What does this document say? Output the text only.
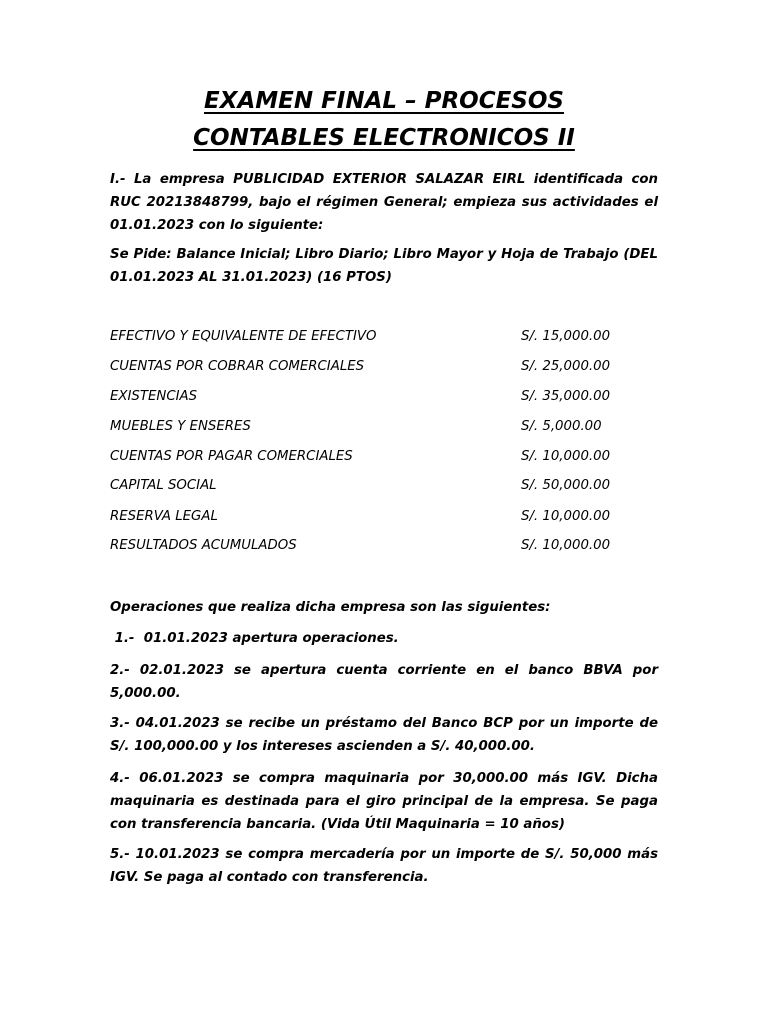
EXAMEN FINAL – PROCESOS
CONTABLES ELECTRONICOS II

I.- La empresa PUBLICIDAD EXTERIOR SALAZAR EIRL identificada con RUC 20213848799, bajo el régimen General; empieza sus actividades el 01.01.2023 con lo siguiente:

Se Pide: Balance Inicial; Libro Diario; Libro Mayor y Hoja de Trabajo (DEL 01.01.2023 AL 31.01.2023) (16 PTOS)

EFECTIVO Y EQUIVALENTE DE EFECTIVO	S/. 15,000.00
CUENTAS POR COBRAR COMERCIALES	S/. 25,000.00
EXISTENCIAS	S/. 35,000.00
MUEBLES Y ENSERES	S/. 5,000.00
CUENTAS POR PAGAR COMERCIALES	S/. 10,000.00
CAPITAL SOCIAL	S/. 50,000.00
RESERVA LEGAL	S/. 10,000.00
RESULTADOS ACUMULADOS	S/. 10,000.00

Operaciones que realiza dicha empresa son las siguientes:

1.-  01.01.2023 apertura operaciones.

2.- 02.01.2023 se apertura cuenta corriente en el banco BBVA por 5,000.00.

3.- 04.01.2023 se recibe un préstamo del Banco BCP por un importe de S/. 100,000.00 y los intereses ascienden a S/. 40,000.00.

4.- 06.01.2023 se compra maquinaria por 30,000.00 más IGV. Dicha maquinaria es destinada para el giro principal de la empresa. Se paga con transferencia bancaria. (Vida Útil Maquinaria = 10 años)

5.- 10.01.2023 se compra mercadería por un importe de S/. 50,000 más IGV. Se paga al contado con transferencia.
